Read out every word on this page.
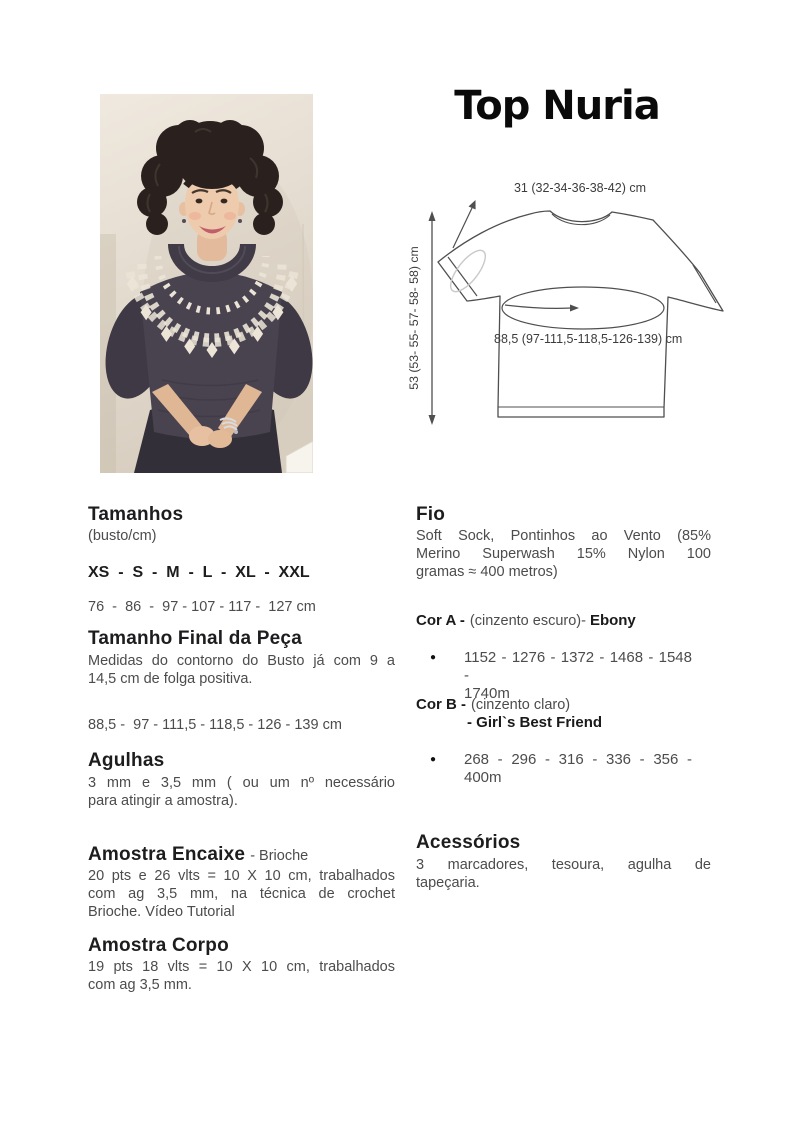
Top Nuria
31 (32-34-36-38-42) cm
53 (53- 55- 57- 58- 58) cm	88,5 (97-111,5-118,5-126-139) cm
Tamanhos
(busto/cm)
XS  -  S  -  M  -  L  -  XL  -  XXL
76  -  86  -  97 - 107 - 117 -  127 cm
Tamanho Final da Peça
Medidas do contorno do Busto já com 9 a
14,5 cm de folga positiva.
88,5 -  97 - 111,5 - 118,5 - 126 - 139 cm
Agulhas
3 mm e 3,5 mm ( ou um nº necessário
para atingir a amostra).
Amostra Encaixe - Brioche
20 pts e 26 vlts = 10 X 10 cm, trabalhados
com ag 3,5 mm, na técnica de crochet
Brioche. Vídeo Tutorial
Amostra Corpo
19 pts 18 vlts = 10 X 10 cm, trabalhados
com ag 3,5 mm.
Fio
Soft Sock, Pontinhos ao Vento (85%
Merino Superwash 15% Nylon 100
gramas ≈ 400 metros)
Cor A - (cinzento escuro)- Ebony
●	1152 - 1276 - 1372 - 1468 - 1548 -
1740m
Cor B - (cinzento claro)
- Girl`s Best Friend
●	268 - 296 - 316 - 336 - 356 -
400m
Acessórios
3 marcadores, tesoura, agulha de
tapeçaria.
